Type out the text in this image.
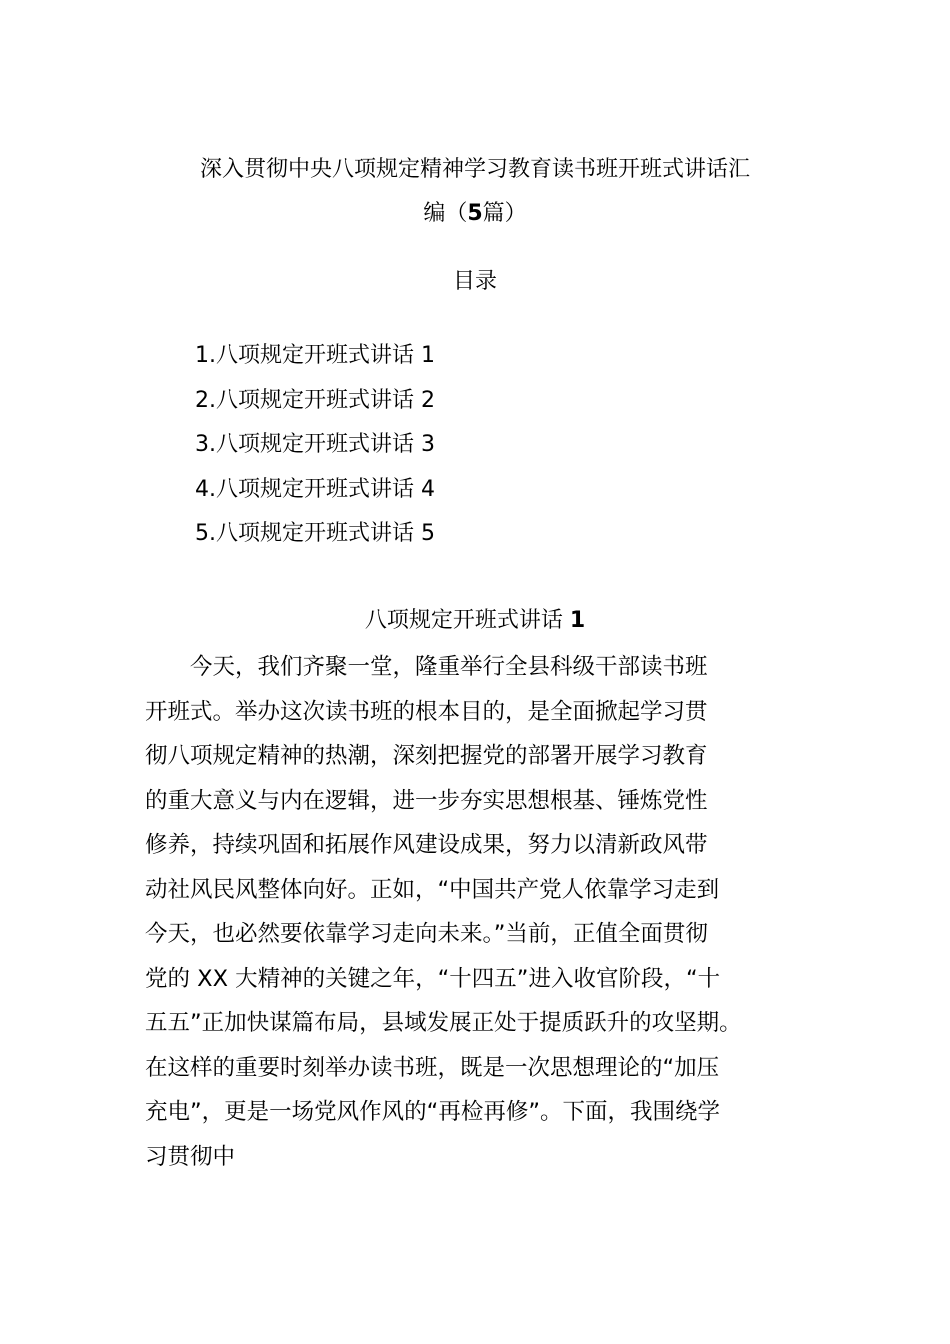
深入贯彻中央八项规定精神学习教育读书班开班式讲话汇
编（5篇）
目录
1.八项规定开班式讲话 1
2.八项规定开班式讲话 2
3.八项规定开班式讲话 3
4.八项规定开班式讲话 4
5.八项规定开班式讲话 5
八项规定开班式讲话 1

　　今天，我们齐聚一堂，隆重举行全县科级干部读书班
开班式。举办这次读书班的根本目的，是全面掀起学习贯
彻八项规定精神的热潮，深刻把握党的部署开展学习教育
的重大意义与内在逻辑，进一步夯实思想根基、锤炼党性
修养，持续巩固和拓展作风建设成果，努力以清新政风带
动社风民风整体向好。正如，“中国共产党人依靠学习走到
今天，也必然要依靠学习走向未来。”当前，正值全面贯彻
党的 XX 大精神的关键之年，“十四五”进入收官阶段，“十
五五”正加快谋篇布局，县域发展正处于提质跃升的攻坚期。
在这样的重要时刻举办读书班，既是一次思想理论的“加压
充电”，更是一场党风作风的“再检再修”。下面，我围绕学
习贯彻中
